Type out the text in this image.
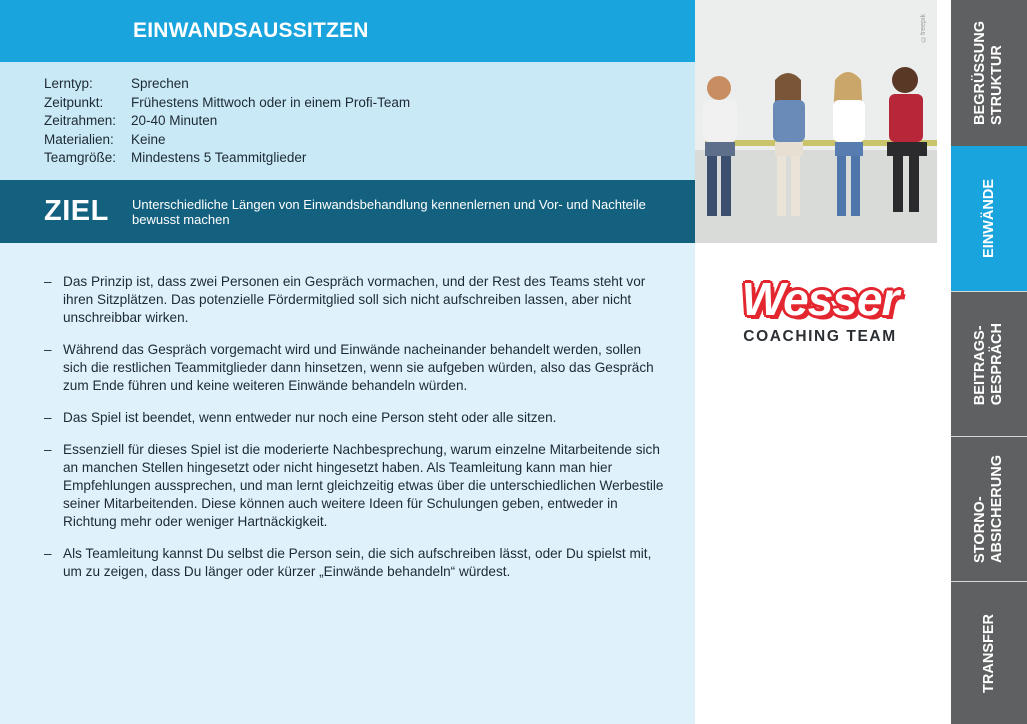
EINWANDSAUSSITZEN
Lerntyp:	Sprechen
Zeitpunkt:	Frühestens Mittwoch oder in einem Profi-Team
Zeitrahmen:	20-40 Minuten
Materialien:	Keine
Teamgröße:	Mindestens 5 Teammitglieder
ZIEL	Unterschiedliche Längen von Einwandsbehandlung kennenlernen und Vor- und Nachteile bewusst machen
– Das Prinzip ist, dass zwei Personen ein Gespräch vormachen, und der Rest des Teams steht vor ihren Sitzplätzen. Das potenzielle Fördermitglied soll sich nicht aufschreiben lassen, aber nicht unschreibbar wirken.
– Während das Gespräch vorgemacht wird und Einwände nacheinander behandelt werden, sollen sich die restlichen Teammitglieder dann hinsetzen, wenn sie aufgeben würden, also das Gespräch zum Ende führen und keine weiteren Einwände behandeln würden.
– Das Spiel ist beendet, wenn entweder nur noch eine Person steht oder alle sitzen.
– Essenziell für dieses Spiel ist die moderierte Nachbesprechung, warum einzelne Mitarbeitende sich an manchen Stellen hingesetzt oder nicht hingesetzt haben. Als Teamleitung kann man hier Empfehlungen aussprechen, und man lernt gleichzeitig etwas über die unterschiedlichen Werbestile seiner Mitarbeitenden. Diese können auch weitere Ideen für Schulungen geben, entweder in Richtung mehr oder weniger Hartnäckigkeit.
– Als Teamleitung kannst Du selbst die Person sein, die sich aufschreiben lässt, oder Du spielst mit, um zu zeigen, dass Du länger oder kürzer „Einwände behandeln“ würdest.
©freepik
Wesser
COACHING TEAM
BEGRÜSSUNG
STRUKTUR
EINWÄNDE
BEITRAGS-
GESPRÄCH
STORNO-
ABSICHERUNG
TRANSFER
